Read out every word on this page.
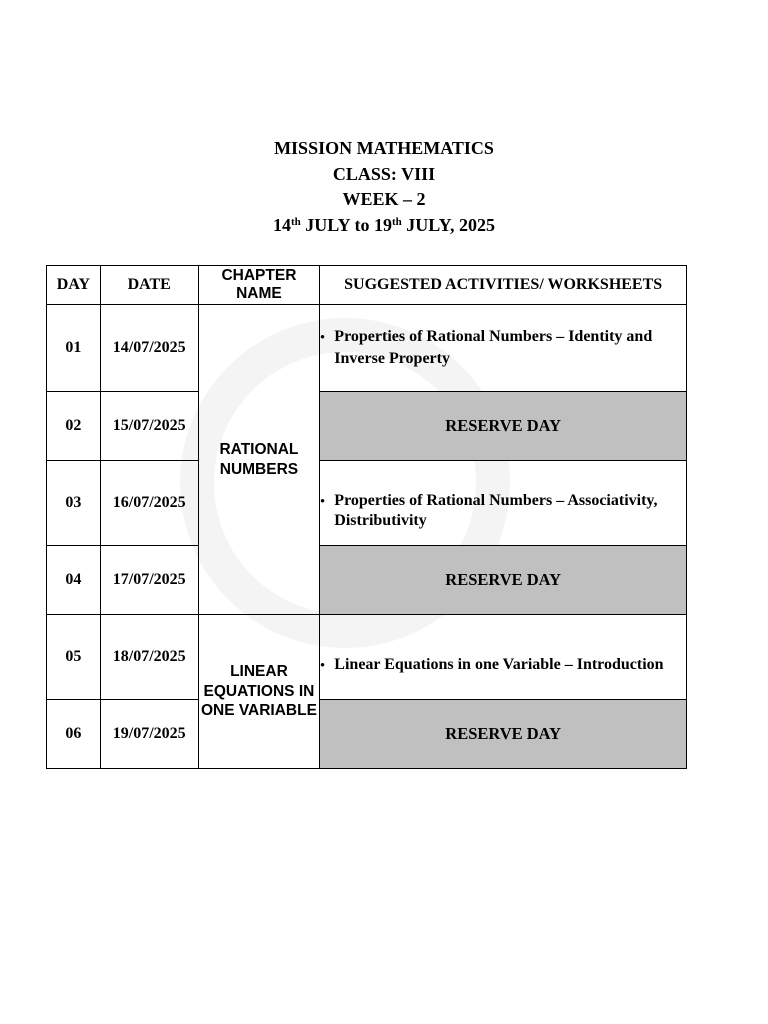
MISSION MATHEMATICS
CLASS: VIII
WEEK – 2
14th JULY to 19th JULY, 2025
DAY	DATE	CHAPTER NAME	SUGGESTED ACTIVITIES/ WORKSHEETS
01	14/07/2025	RATIONAL NUMBERS	• Properties of Rational Numbers – Identity and Inverse Property

02	15/07/2025		RESERVE DAY
03	16/07/2025		• Properties of Rational Numbers – Associativity, Distributivity

04	17/07/2025		RESERVE DAY
05	18/07/2025	LINEAR EQUATIONS IN ONE VARIABLE	• Linear Equations in one Variable – Introduction

06	19/07/2025		RESERVE DAY
